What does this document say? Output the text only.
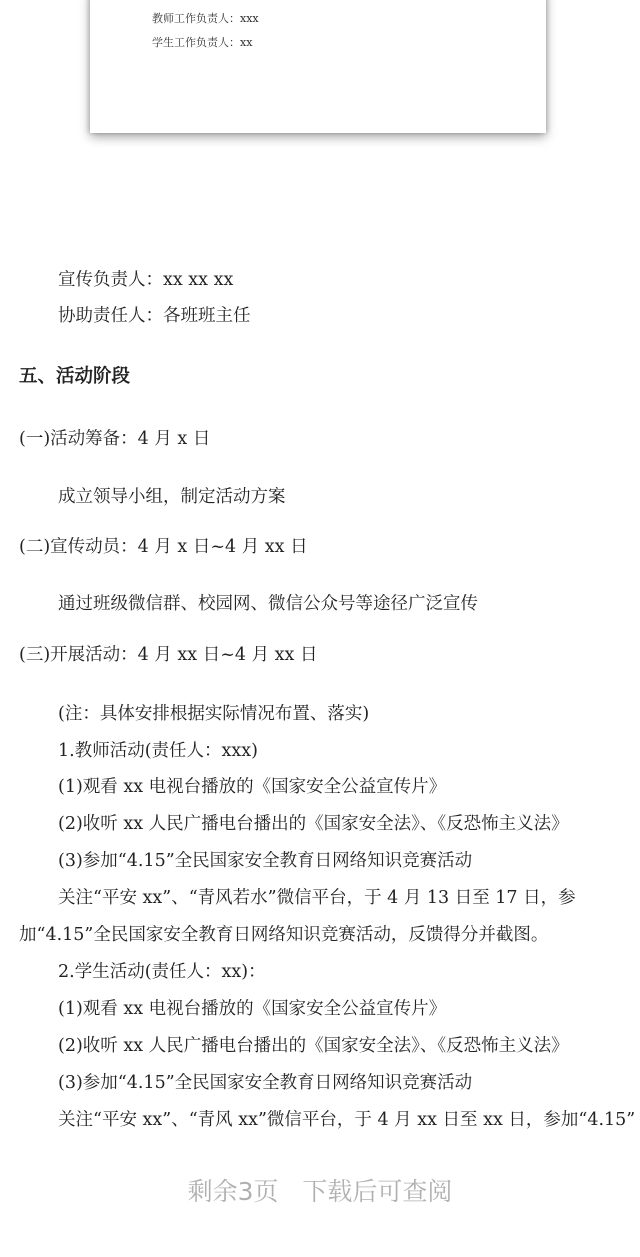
教师工作负责人：xxx
学生工作负责人：xx
宣传负责人：xx xx xx
协助责任人：各班班主任
五、活动阶段
(一)活动筹备：4 月 x 日
成立领导小组，制定活动方案
(二)宣传动员：4 月 x 日~4 月 xx 日
通过班级微信群、校园网、微信公众号等途径广泛宣传
(三)开展活动：4 月 xx 日~4 月 xx 日
(注：具体安排根据实际情况布置、落实)
1.教师活动(责任人：xxx)
(1)观看 xx 电视台播放的《国家安全公益宣传片》
(2)收听 xx 人民广播电台播出的《国家安全法》、《反恐怖主义法》
(3)参加“4.15”全民国家安全教育日网络知识竞赛活动
关注“平安 xx”、“青风若水”微信平台，于 4 月 13 日至 17 日，参
加“4.15”全民国家安全教育日网络知识竞赛活动，反馈得分并截图。
2.学生活动(责任人：xx)：
(1)观看 xx 电视台播放的《国家安全公益宣传片》
(2)收听 xx 人民广播电台播出的《国家安全法》、《反恐怖主义法》
(3)参加“4.15”全民国家安全教育日网络知识竞赛活动
关注“平安 xx”、“青风 xx”微信平台，于 4 月 xx 日至 xx 日，参加“4.15”
剩余3页 下载后可查阅
